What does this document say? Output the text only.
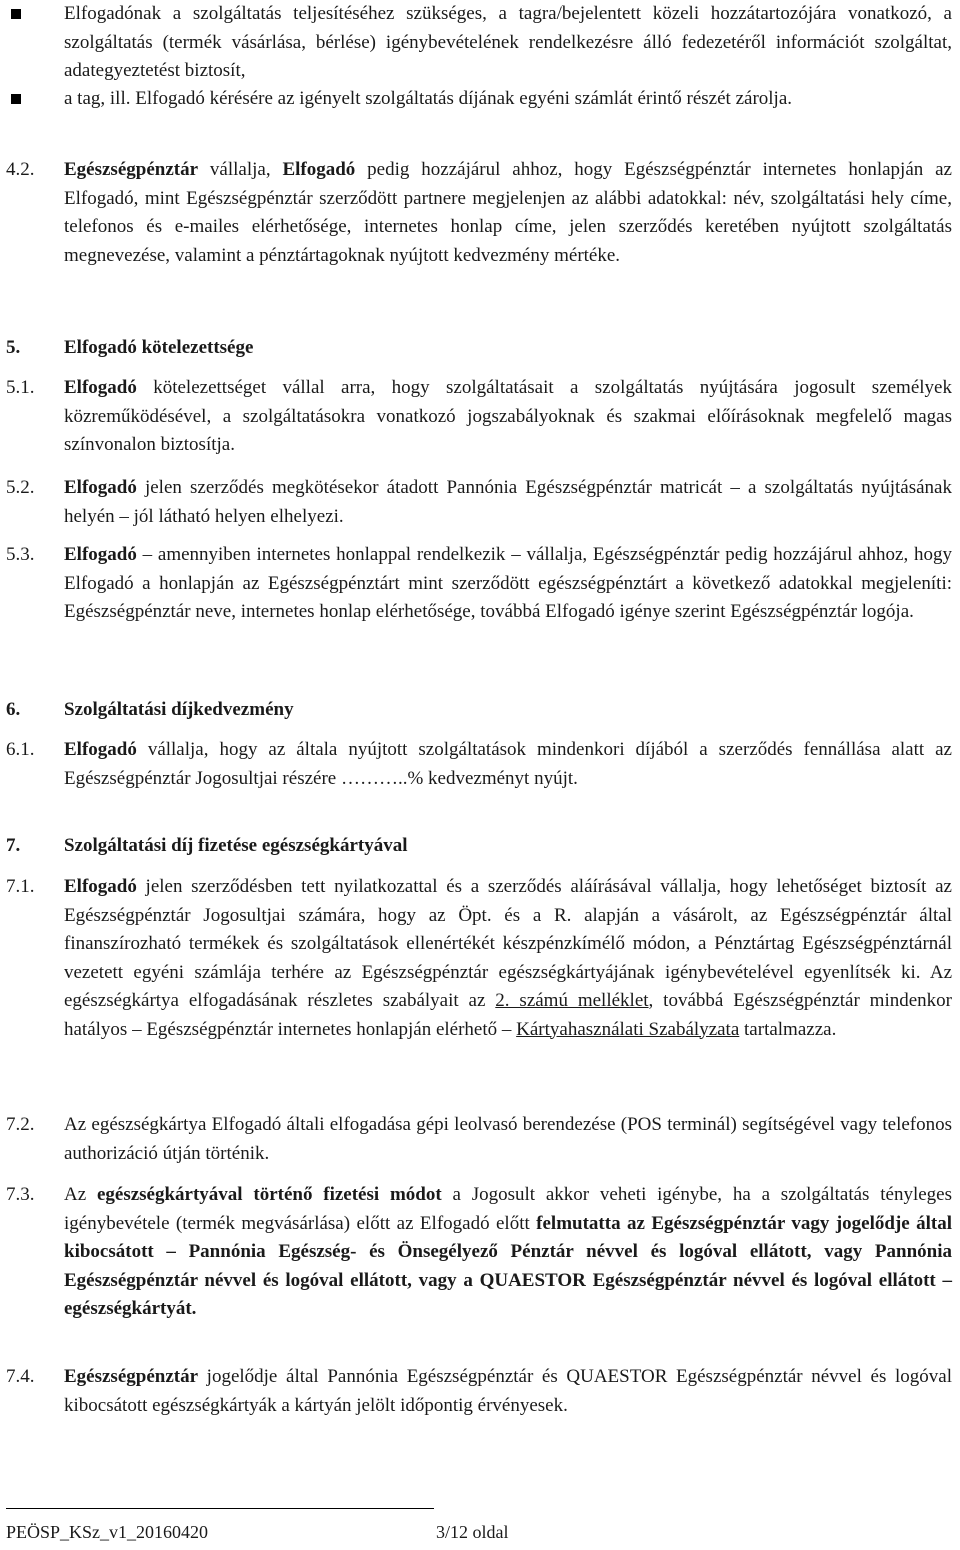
Elfogadónak a szolgáltatás teljesítéséhez szükséges, a tagra/bejelentett közeli hozzátartozójára vonatkozó, a szolgáltatás (termék vásárlása, bérlése) igénybevételének rendelkezésre álló fedezetéről információt szolgáltat, adategyeztetést biztosít,
a tag, ill. Elfogadó kérésére az igényelt szolgáltatás díjának egyéni számlát érintő részét zárolja.
4.2.	Egészségpénztár vállalja, Elfogadó pedig hozzájárul ahhoz, hogy Egészségpénztár internetes honlapján az Elfogadó, mint Egészségpénztár szerződött partnere megjelenjen az alábbi adatokkal: név, szolgáltatási hely címe, telefonos és e-mailes elérhetősége, internetes honlap címe, jelen szerződés keretében nyújtott szolgáltatás megnevezése, valamint a pénztártagoknak nyújtott kedvezmény mértéke.
5.	Elfogadó kötelezettsége
5.1.	Elfogadó kötelezettséget vállal arra, hogy szolgáltatásait a szolgáltatás nyújtására jogosult személyek közreműködésével, a szolgáltatásokra vonatkozó jogszabályoknak és szakmai előírásoknak megfelelő magas színvonalon biztosítja.
5.2.	Elfogadó jelen szerződés megkötésekor átadott Pannónia Egészségpénztár matricát – a szolgáltatás nyújtásának helyén – jól látható helyen elhelyezi.
5.3.	Elfogadó – amennyiben internetes honlappal rendelkezik – vállalja, Egészségpénztár pedig hozzájárul ahhoz, hogy Elfogadó a honlapján az Egészségpénztárt mint szerződött egészségpénztárt a következő adatokkal megjeleníti: Egészségpénztár neve, internetes honlap elérhetősége, továbbá Elfogadó igénye szerint Egészségpénztár logója.
6.	Szolgáltatási díjkedvezmény
6.1.	Elfogadó vállalja, hogy az általa nyújtott szolgáltatások mindenkori díjából a szerződés fennállása alatt az Egészségpénztár Jogosultjai részére ………..% kedvezményt nyújt.
7.	Szolgáltatási díj fizetése egészségkártyával
7.1.	Elfogadó jelen szerződésben tett nyilatkozattal és a szerződés aláírásával vállalja, hogy lehetőséget biztosít az Egészségpénztár Jogosultjai számára, hogy az Öpt. és a R. alapján a vásárolt, az Egészségpénztár által finanszírozható termékek és szolgáltatások ellenértékét készpénzkímélő módon, a Pénztártag Egészségpénztárnál vezetett egyéni számlája terhére az Egészségpénztár egészségkártyájának igénybevételével egyenlítsék ki. Az egészségkártya elfogadásának részletes szabályait az 2. számú melléklet, továbbá Egészségpénztár mindenkor hatályos – Egészségpénztár internetes honlapján elérhető – Kártyahasználati Szabályzata tartalmazza.
7.2.	Az egészségkártya Elfogadó általi elfogadása gépi leolvasó berendezése (POS terminál) segítségével vagy telefonos authorizáció útján történik.
7.3.	Az egészségkártyával történő fizetési módot a Jogosult akkor veheti igénybe, ha a szolgáltatás tényleges igénybevétele (termék megvásárlása) előtt az Elfogadó előtt felmutatta az Egészségpénztár vagy jogelődje által kibocsátott – Pannónia Egészség- és Önsegélyező Pénztár névvel és logóval ellátott, vagy Pannónia Egészségpénztár névvel és logóval ellátott, vagy a QUAESTOR Egészségpénztár névvel és logóval ellátott – egészségkártyát.
7.4.	Egészségpénztár jogelődje által Pannónia Egészségpénztár és QUAESTOR Egészségpénztár névvel és logóval kibocsátott egészségkártyák a kártyán jelölt időpontig érvényesek.
PEÖSP_KSz_v1_20160420	3/12 oldal
